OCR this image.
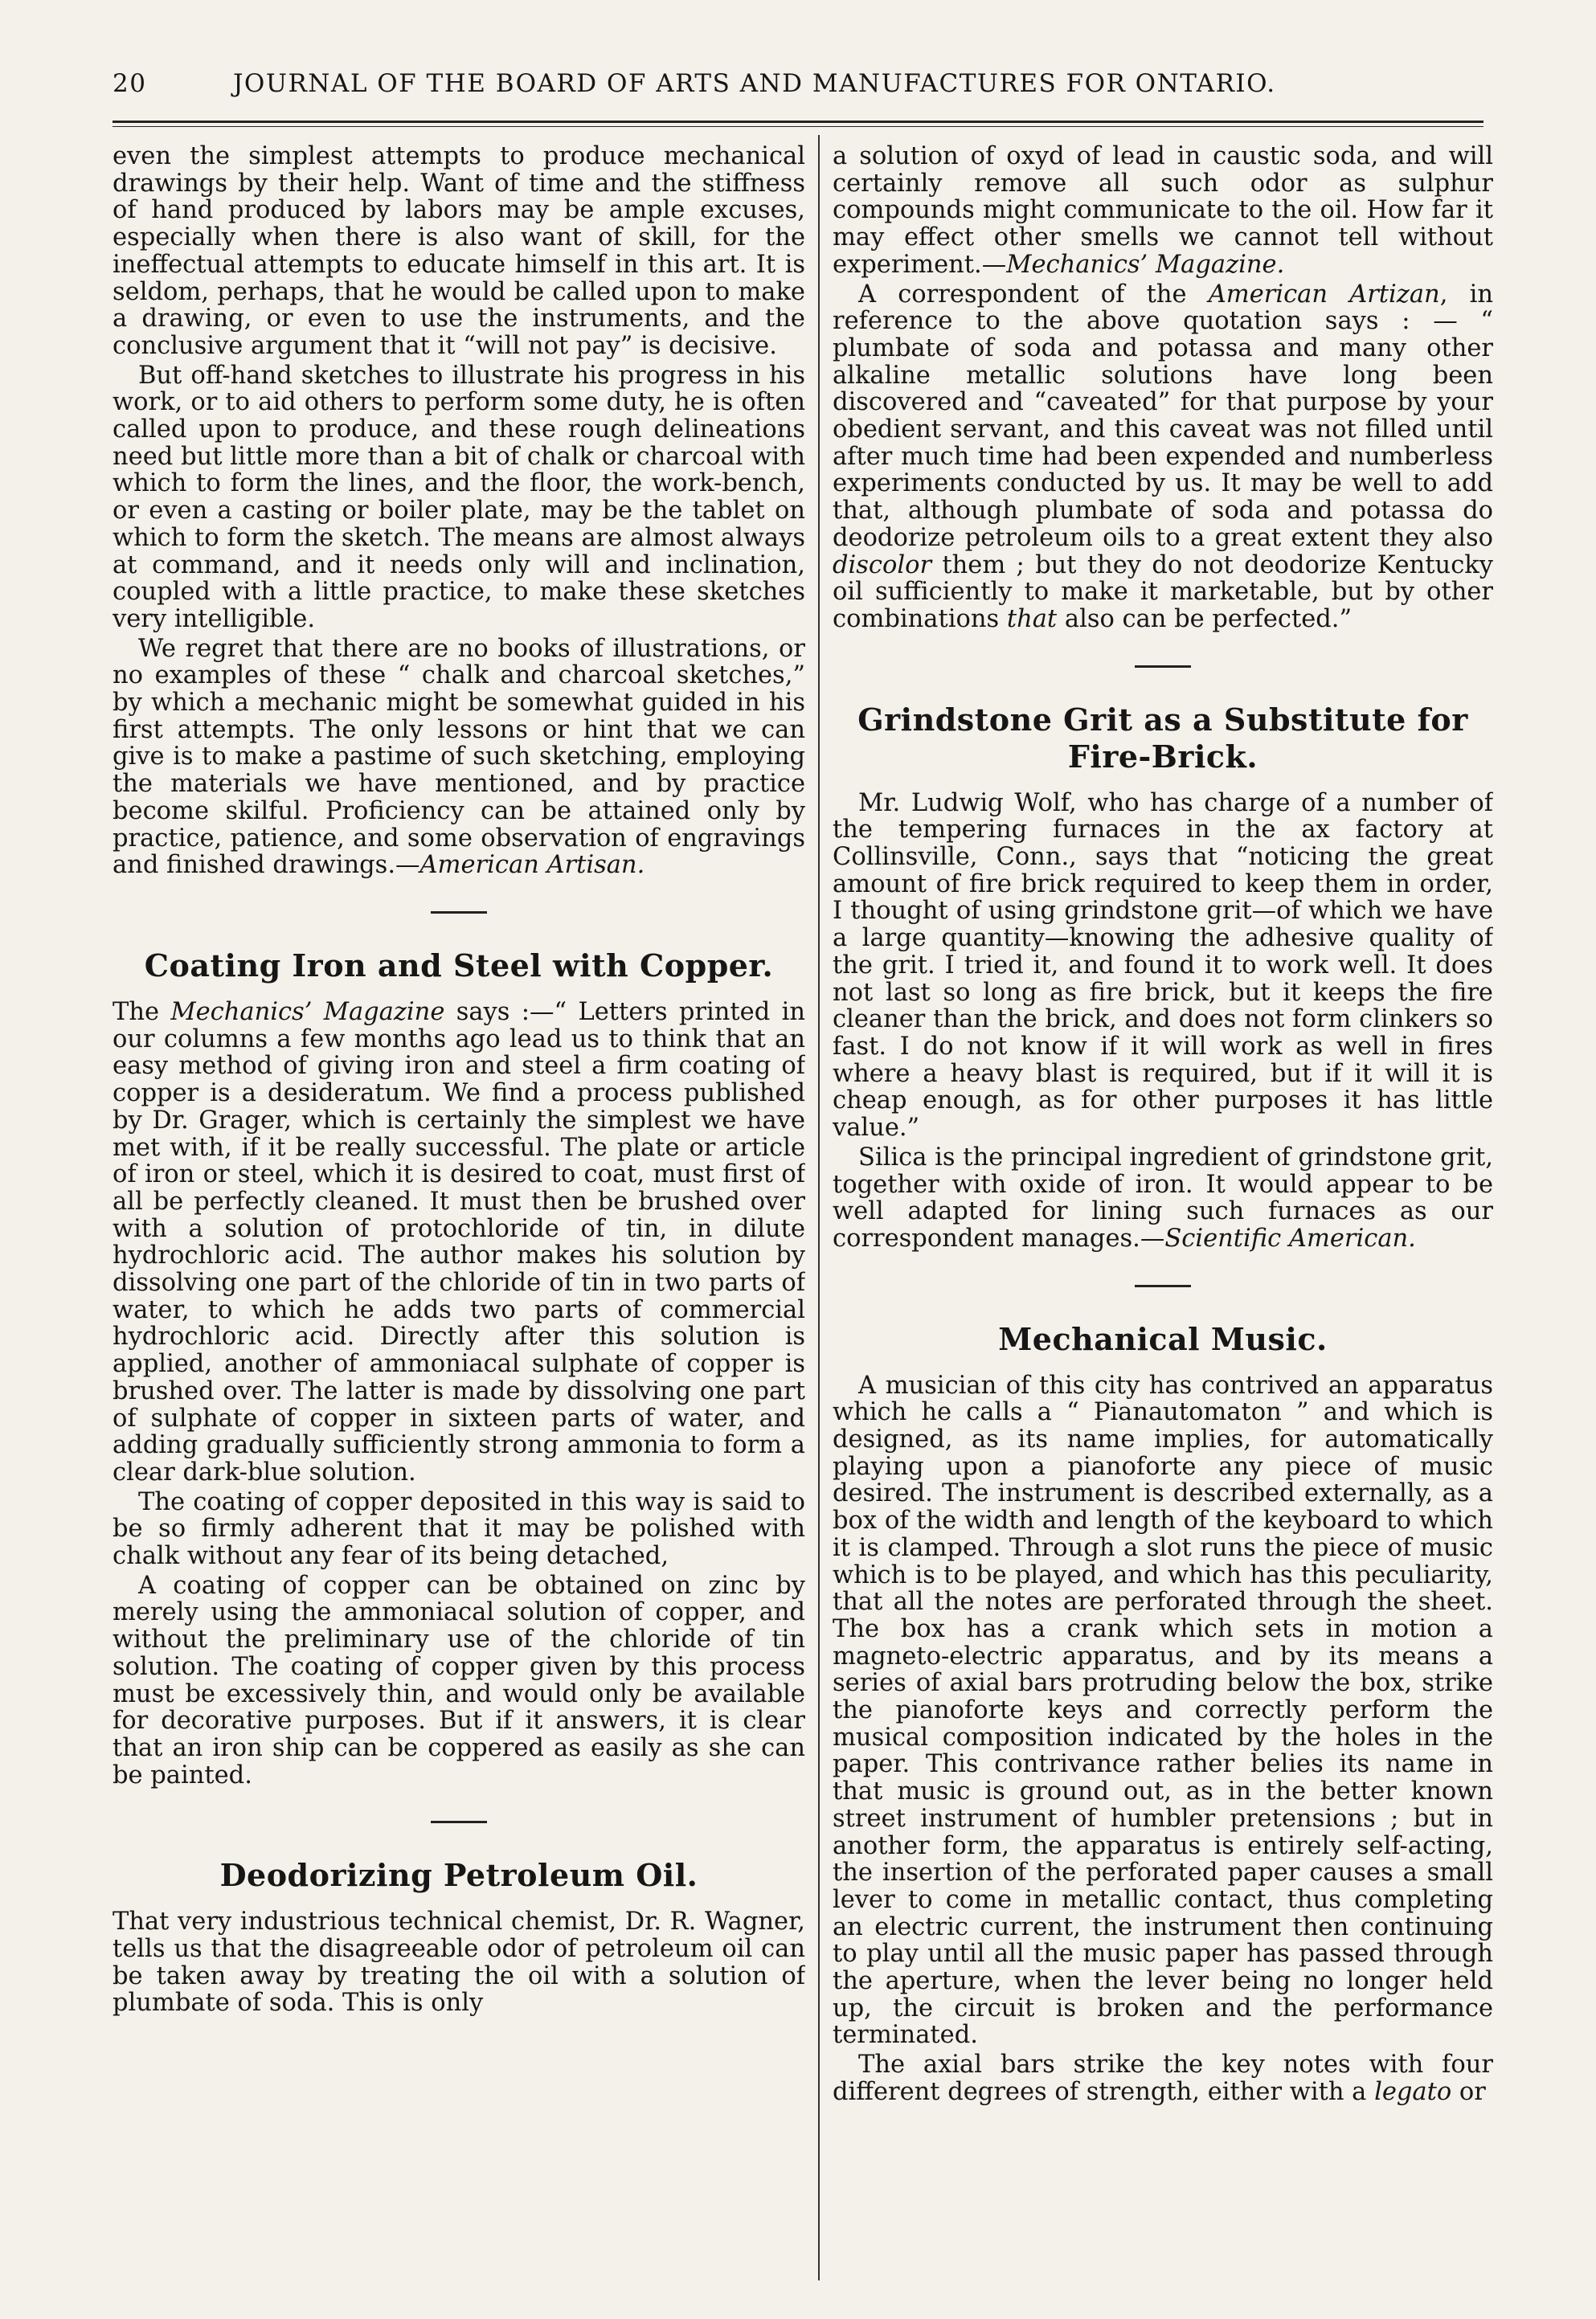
20	JOURNAL OF THE BOARD OF ARTS AND MANUFACTURES FOR ONTARIO.

even the simplest attempts to produce mechanical drawings by their help. Want of time and the stiffness of hand produced by labors may be ample excuses, especially when there is also want of skill, for the ineffectual attempts to educate himself in this art. It is seldom, perhaps, that he would be called upon to make a drawing, or even to use the instruments, and the conclusive argument that it “will not pay” is decisive.

But off-hand sketches to illustrate his progress in his work, or to aid others to perform some duty, he is often called upon to produce, and these rough delineations need but little more than a bit of chalk or charcoal with which to form the lines, and the floor, the work-bench, or even a casting or boiler plate, may be the tablet on which to form the sketch. The means are almost always at command, and it needs only will and inclination, coupled with a little practice, to make these sketches very intelligible.

We regret that there are no books of illustrations, or no examples of these “ chalk and charcoal sketches,” by which a mechanic might be somewhat guided in his first attempts. The only lessons or hint that we can give is to make a pastime of such sketching, employing the materials we have mentioned, and by practice become skilful. Proficiency can be attained only by practice, patience, and some observation of engravings and finished drawings.—American Artisan.

Coating Iron and Steel with Copper.

The Mechanics’ Magazine says :—“ Letters printed in our columns a few months ago lead us to think that an easy method of giving iron and steel a firm coating of copper is a desideratum. We find a process published by Dr. Grager, which is certainly the simplest we have met with, if it be really successful. The plate or article of iron or steel, which it is desired to coat, must first of all be perfectly cleaned. It must then be brushed over with a solution of protochloride of tin, in dilute hydrochloric acid. The author makes his solution by dissolving one part of the chloride of tin in two parts of water, to which he adds two parts of commercial hydrochloric acid. Directly after this solution is applied, another of ammoniacal sulphate of copper is brushed over. The latter is made by dissolving one part of sulphate of copper in sixteen parts of water, and adding gradually sufficiently strong ammonia to form a clear dark-blue solution.

The coating of copper deposited in this way is said to be so firmly adherent that it may be polished with chalk without any fear of its being detached,

A coating of copper can be obtained on zinc by merely using the ammoniacal solution of copper, and without the preliminary use of the chloride of tin solution. The coating of copper given by this process must be excessively thin, and would only be available for decorative purposes. But if it answers, it is clear that an iron ship can be coppered as easily as she can be painted.

Deodorizing Petroleum Oil.

That very industrious technical chemist, Dr. R. Wagner, tells us that the disagreeable odor of petroleum oil can be taken away by treating the oil with a solution of plumbate of soda. This is only

a solution of oxyd of lead in caustic soda, and will certainly remove all such odor as sulphur compounds might communicate to the oil. How far it may effect other smells we cannot tell without experiment.—Mechanics’ Magazine.

A correspondent of the American Artizan, in reference to the above quotation says : — “ plumbate of soda and potassa and many other alkaline metallic solutions have long been discovered and “caveated” for that purpose by your obedient servant, and this caveat was not filled until after much time had been expended and numberless experiments conducted by us. It may be well to add that, although plumbate of soda and potassa do deodorize petroleum oils to a great extent they also discolor them ; but they do not deodorize Kentucky oil sufficiently to make it marketable, but by other combinations that also can be perfected.”

Grindstone Grit as a Substitute for Fire-Brick.

Mr. Ludwig Wolf, who has charge of a number of the tempering furnaces in the ax factory at Collinsville, Conn., says that “noticing the great amount of fire brick required to keep them in order, I thought of using grindstone grit—of which we have a large quantity—knowing the adhesive quality of the grit. I tried it, and found it to work well. It does not last so long as fire brick, but it keeps the fire cleaner than the brick, and does not form clinkers so fast. I do not know if it will work as well in fires where a heavy blast is required, but if it will it is cheap enough, as for other purposes it has little value.”

Silica is the principal ingredient of grindstone grit, together with oxide of iron. It would appear to be well adapted for lining such furnaces as our correspondent manages.—Scientific American.

Mechanical Music.

A musician of this city has contrived an apparatus which he calls a “ Pianautomaton ” and which is designed, as its name implies, for automatically playing upon a pianoforte any piece of music desired. The instrument is described externally, as a box of the width and length of the keyboard to which it is clamped. Through a slot runs the piece of music which is to be played, and which has this peculiarity, that all the notes are perforated through the sheet. The box has a crank which sets in motion a magneto-electric apparatus, and by its means a series of axial bars protruding below the box, strike the pianoforte keys and correctly perform the musical composition indicated by the holes in the paper. This contrivance rather belies its name in that music is ground out, as in the better known street instrument of humbler pretensions ; but in another form, the apparatus is entirely self-acting, the insertion of the perforated paper causes a small lever to come in metallic contact, thus completing an electric current, the instrument then continuing to play until all the music paper has passed through the aperture, when the lever being no longer held up, the circuit is broken and the performance terminated.

The axial bars strike the key notes with four different degrees of strength, either with a legato or
